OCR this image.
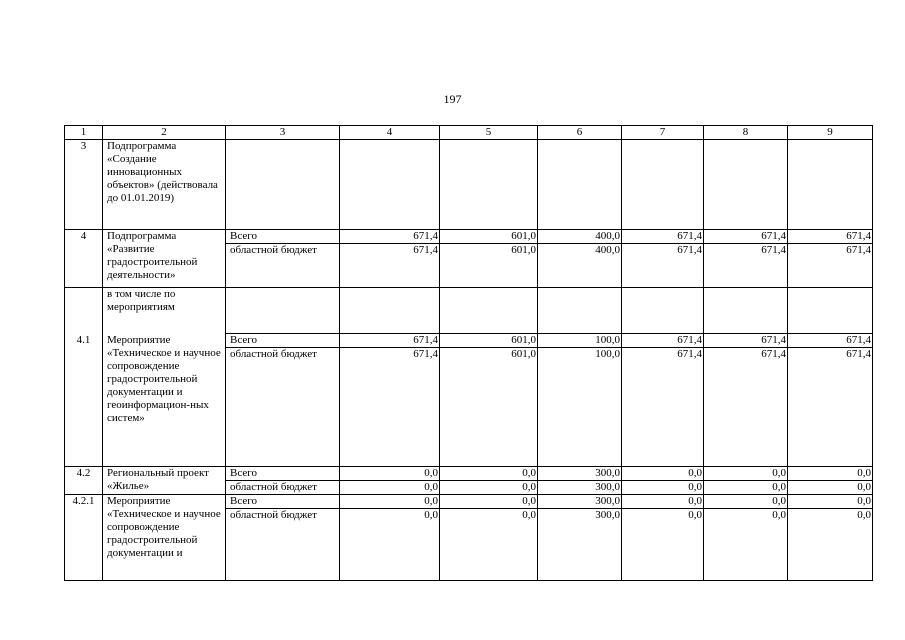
197
1	2	3	4	5	6	7	8	9
3	Подпрограмма «Создание инновационных объектов» (действовала до 01.01.2019)							
4	Подпрограмма «Развитие градостроительной деятельности»	Всего	671,4	601,0	400,0	671,4	671,4	671,4
		областной бюджет	671,4	601,0	400,0	671,4	671,4	671,4
	в том числе по мероприятиям							
4.1	Мероприятие «Техническое и научное сопровождение градостроительной документации и геоинформацион-ных систем»	Всего	671,4	601,0	100,0	671,4	671,4	671,4
		областной бюджет	671,4	601,0	100,0	671,4	671,4	671,4
4.2	Региональный проект «Жилье»	Всего	0,0	0,0	300,0	0,0	0,0	0,0
		областной бюджет	0,0	0,0	300,0	0,0	0,0	0,0
4.2.1	Мероприятие «Техническое и научное сопровождение градостроительной документации и	Всего	0,0	0,0	300,0	0,0	0,0	0,0
		областной бюджет	0,0	0,0	300,0	0,0	0,0	0,0
